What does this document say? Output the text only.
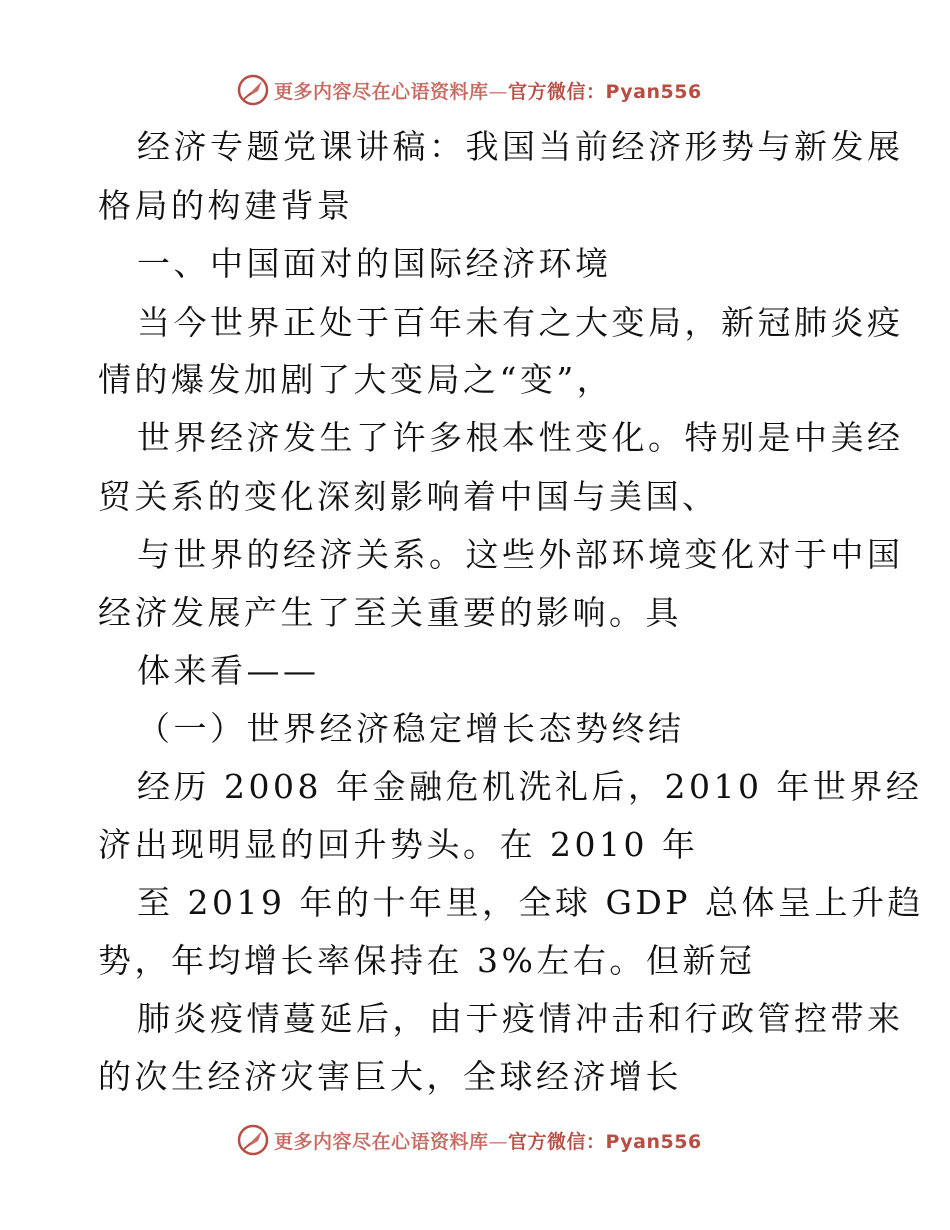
更多内容尽在心语资料库—官方微信：Pyan556
经济专题党课讲稿：我国当前经济形势与新发展
格局的构建背景
一、中国面对的国际经济环境
当今世界正处于百年未有之大变局，新冠肺炎疫
情的爆发加剧了大变局之“变”，
世界经济发生了许多根本性变化。特别是中美经
贸关系的变化深刻影响着中国与美国、
与世界的经济关系。这些外部环境变化对于中国
经济发展产生了至关重要的影响。具
体来看——
（一）世界经济稳定增长态势终结
经历 2008 年金融危机洗礼后，2010 年世界经
济出现明显的回升势头。在 2010 年
至 2019 年的十年里，全球 GDP 总体呈上升趋
势，年均增长率保持在 3%左右。但新冠
肺炎疫情蔓延后，由于疫情冲击和行政管控带来
的次生经济灾害巨大，全球经济增长
更多内容尽在心语资料库—官方微信：Pyan556
